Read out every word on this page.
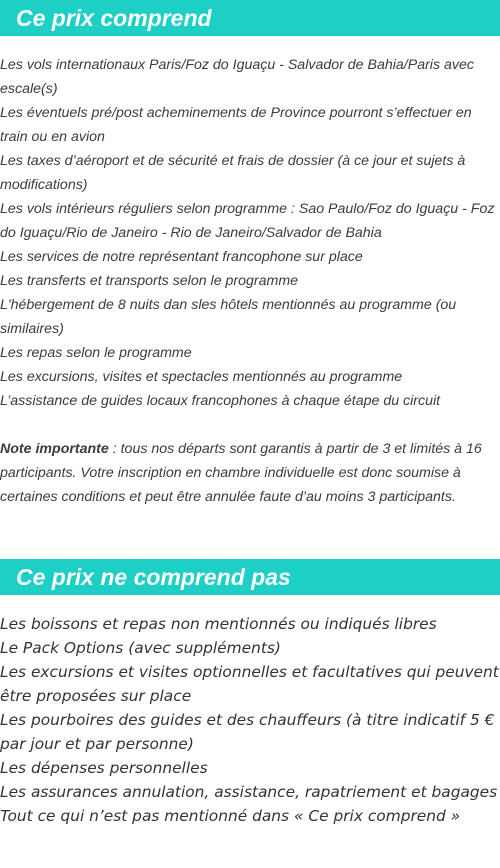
Ce prix comprend
Les vols internationaux Paris/Foz do Iguaçu - Salvador de Bahia/Paris avec escale(s)
Les éventuels pré/post acheminements de Province pourront s’effectuer en train ou en avion
Les taxes d’aéroport et de sécurité et frais de dossier (à ce jour et sujets à modifications)
Les vols intérieurs réguliers selon programme : Sao Paulo/Foz do Iguaçu - Foz do Iguaçu/Rio de Janeiro - Rio de Janeiro/Salvador de Bahia
Les services de notre représentant francophone sur place
Les transferts et transports selon le programme
L'hébergement de 8 nuits dan sles hôtels mentionnés au programme (ou similaires)
Les repas selon le programme
Les excursions, visites et spectacles mentionnés au programme
L’assistance de guides locaux francophones à chaque étape du circuit

Note importante : tous nos départs sont garantis à partir de 3 et limités à 16 participants. Votre inscription en chambre individuelle est donc soumise à certaines conditions et peut être annulée faute d’au moins 3 participants.

Ce prix ne comprend pas
Les boissons et repas non mentionnés ou indiqués libres
Le Pack Options (avec suppléments)
Les excursions et visites optionnelles et facultatives qui peuvent être proposées sur place
Les pourboires des guides et des chauffeurs (à titre indicatif 5 € par jour et par personne)
Les dépenses personnelles
Les assurances annulation, assistance, rapatriement et bagages
Tout ce qui n’est pas mentionné dans « Ce prix comprend »
